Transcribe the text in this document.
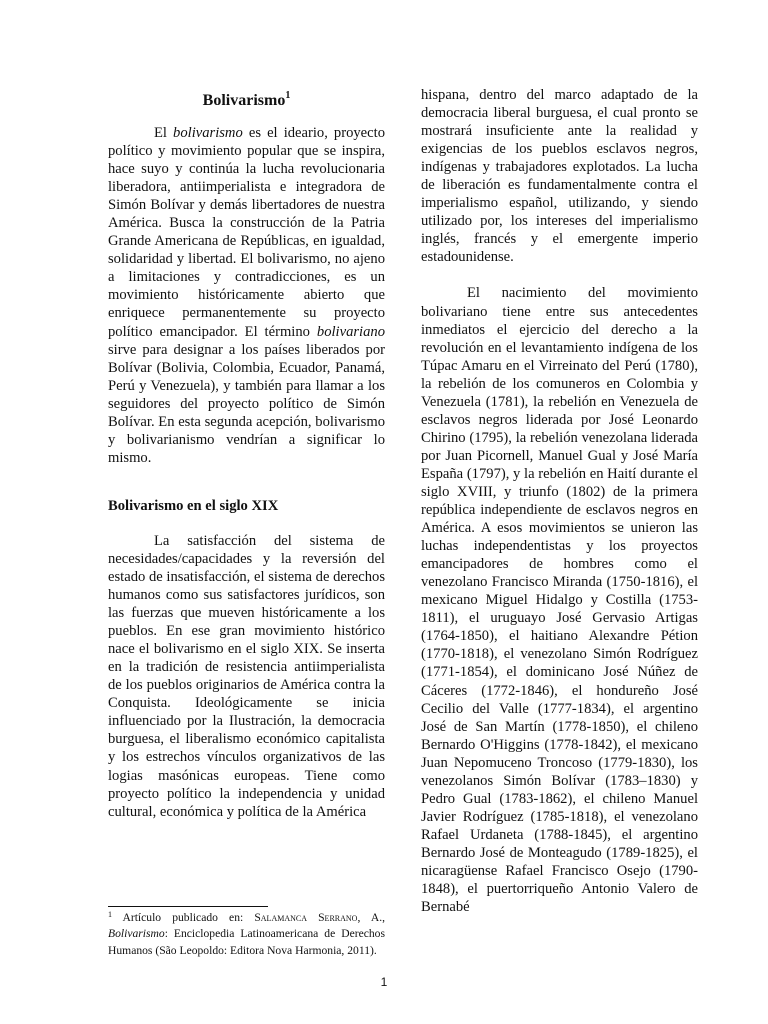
Bolivarismo$^1$

El bolivarismo es el ideario, proyecto político y movimiento popular que se inspira, hace suyo y continúa la lucha revolucionaria liberadora, antiimperialista e integradora de Simón Bolívar y demás libertadores de nuestra América. Busca la construcción de la Patria Grande Americana de Repúblicas, en igualdad, solidaridad y libertad. El bolivarismo, no ajeno a limitaciones y contradicciones, es un movimiento históricamente abierto que enriquece permanentemente su proyecto político emancipador. El término bolivariano sirve para designar a los países liberados por Bolívar (Bolivia, Colombia, Ecuador, Panamá, Perú y Venezuela), y también para llamar a los seguidores del proyecto político de Simón Bolívar. En esta segunda acepción, bolivarismo y bolivarianismo vendrían a significar lo mismo.

Bolivarismo en el siglo XIX

La satisfacción del sistema de necesidades/capacidades y la reversión del estado de insatisfacción, el sistema de derechos humanos como sus satisfactores jurídicos, son las fuerzas que mueven históricamente a los pueblos. En ese gran movimiento histórico nace el bolivarismo en el siglo XIX. Se inserta en la tradición de resistencia antiimperialista de los pueblos originarios de América contra la Conquista. Ideológicamente se inicia influenciado por la Ilustración, la democracia burguesa, el liberalismo económico capitalista y los estrechos vínculos organizativos de las logias masónicas europeas. Tiene como proyecto político la independencia y unidad cultural, económica y política de la América

hispana, dentro del marco adaptado de la democracia liberal burguesa, el cual pronto se mostrará insuficiente ante la realidad y exigencias de los pueblos esclavos negros, indígenas y trabajadores explotados. La lucha de liberación es fundamentalmente contra el imperialismo español, utilizando, y siendo utilizado por, los intereses del imperialismo inglés, francés y el emergente imperio estadounidense.

El nacimiento del movimiento bolivariano tiene entre sus antecedentes inmediatos el ejercicio del derecho a la revolución en el levantamiento indígena de los Túpac Amaru en el Virreinato del Perú (1780), la rebelión de los comuneros en Colombia y Venezuela (1781), la rebelión en Venezuela de esclavos negros liderada por José Leonardo Chirino (1795), la rebelión venezolana liderada por Juan Picornell, Manuel Gual y José María España (1797), y la rebelión en Haití durante el siglo XVIII, y triunfo (1802) de la primera república independiente de esclavos negros en América. A esos movimientos se unieron las luchas independentistas y los proyectos emancipadores de hombres como el venezolano Francisco Miranda (1750-1816), el mexicano Miguel Hidalgo y Costilla (1753-1811), el uruguayo José Gervasio Artigas (1764-1850), el haitiano Alexandre Pétion (1770-1818), el venezolano Simón Rodríguez (1771-1854), el dominicano José Núñez de Cáceres (1772-1846), el hondureño José Cecilio del Valle (1777-1834), el argentino José de San Martín (1778-1850), el chileno Bernardo O'Higgins (1778-1842), el mexicano Juan Nepomuceno Troncoso (1779-1830), los venezolanos Simón Bolívar (1783–1830) y Pedro Gual (1783-1862), el chileno Manuel Javier Rodríguez (1785-1818), el venezolano Rafael Urdaneta (1788-1845), el argentino Bernardo José de Monteagudo (1789-1825), el nicaragüense Rafael Francisco Osejo (1790-1848), el puertorriqueño Antonio Valero de Bernabé

$^1$ Artículo publicado en: Salamanca Serrano, A., Bolivarismo: Enciclopedia Latinoamericana de Derechos Humanos (São Leopoldo: Editora Nova Harmonia, 2011).
1
